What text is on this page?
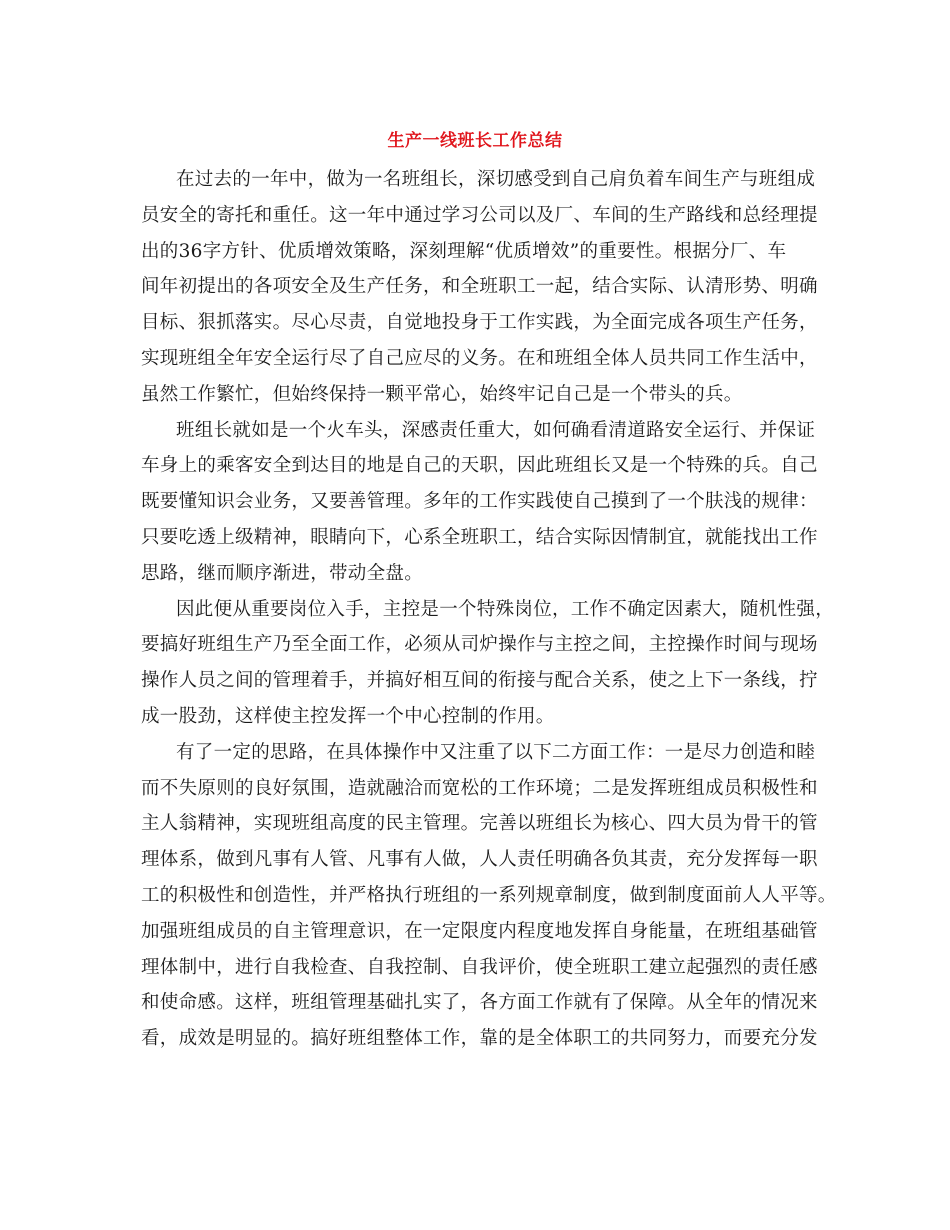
生产一线班长工作总结

在过去的一年中，做为一名班组长，深切感受到自己肩负着车间生产与班组成
员安全的寄托和重任。这一年中通过学习公司以及厂、车间的生产路线和总经理提
出的36字方针、优质增效策略，深刻理解“优质增效”的重要性。根据分厂、车
间年初提出的各项安全及生产任务，和全班职工一起，结合实际、认清形势、明确
目标、狠抓落实。尽心尽责，自觉地投身于工作实践，为全面完成各项生产任务，
实现班组全年安全运行尽了自己应尽的义务。在和班组全体人员共同工作生活中，
虽然工作繁忙，但始终保持一颗平常心，始终牢记自己是一个带头的兵。

班组长就如是一个火车头，深感责任重大，如何确看清道路安全运行、并保证
车身上的乘客安全到达目的地是自己的天职，因此班组长又是一个特殊的兵。自己
既要懂知识会业务，又要善管理。多年的工作实践使自己摸到了一个肤浅的规律：
只要吃透上级精神，眼睛向下，心系全班职工，结合实际因情制宜，就能找出工作
思路，继而顺序渐进，带动全盘。

因此便从重要岗位入手，主控是一个特殊岗位，工作不确定因素大，随机性强，
要搞好班组生产乃至全面工作，必须从司炉操作与主控之间，主控操作时间与现场
操作人员之间的管理着手，并搞好相互间的衔接与配合关系，使之上下一条线，拧
成一股劲，这样使主控发挥一个中心控制的作用。

有了一定的思路，在具体操作中又注重了以下二方面工作：一是尽力创造和睦
而不失原则的良好氛围，造就融洽而宽松的工作环境；二是发挥班组成员积极性和
主人翁精神，实现班组高度的民主管理。完善以班组长为核心、四大员为骨干的管
理体系，做到凡事有人管、凡事有人做，人人责任明确各负其责，充分发挥每一职
工的积极性和创造性，并严格执行班组的一系列规章制度，做到制度面前人人平等。
加强班组成员的自主管理意识，在一定限度内程度地发挥自身能量，在班组基础管
理体制中，进行自我检查、自我控制、自我评价，使全班职工建立起强烈的责任感
和使命感。这样，班组管理基础扎实了，各方面工作就有了保障。从全年的情况来
看，成效是明显的。搞好班组整体工作，靠的是全体职工的共同努力，而要充分发
